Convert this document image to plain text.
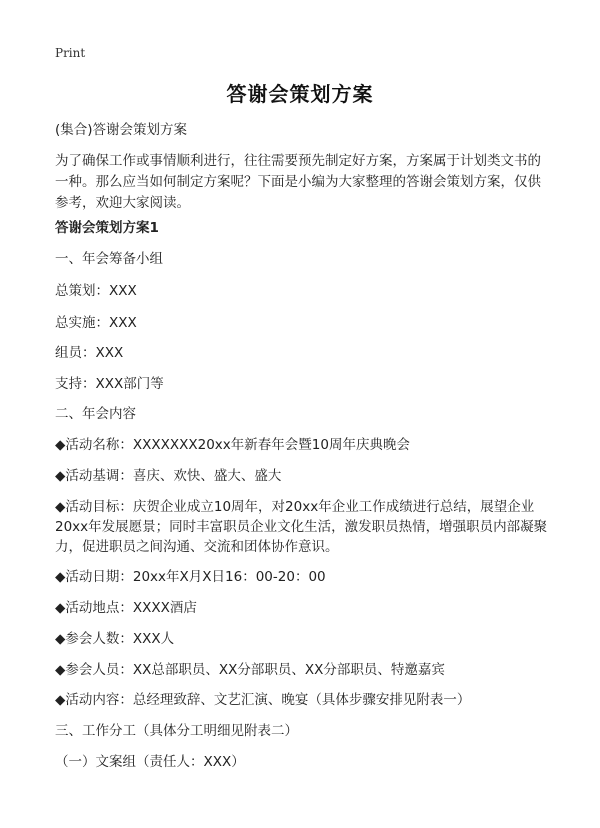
Print
答谢会策划方案
(集合)答谢会策划方案
为了确保工作或事情顺利进行，往往需要预先制定好方案，方案属于计划类文书的
一种。那么应当如何制定方案呢？下面是小编为大家整理的答谢会策划方案，仅供
参考，欢迎大家阅读。
答谢会策划方案1
一、年会筹备小组
总策划：XXX
总实施：XXX
组员：XXX
支持：XXX部门等
二、年会内容
◆活动名称：XXXXXXX20xx年新春年会暨10周年庆典晚会
◆活动基调：喜庆、欢快、盛大、盛大
◆活动目标：庆贺企业成立10周年，对20xx年企业工作成绩进行总结，展望企业
20xx年发展愿景；同时丰富职员企业文化生活，激发职员热情，增强职员内部凝聚
力，促进职员之间沟通、交流和团体协作意识。
◆活动日期：20xx年X月X日16：00-20：00
◆活动地点：XXXX酒店
◆参会人数：XXX人
◆参会人员：XX总部职员、XX分部职员、XX分部职员、特邀嘉宾
◆活动内容：总经理致辞、文艺汇演、晚宴（具体步骤安排见附表一）
三、工作分工（具体分工明细见附表二）
（一）文案组（责任人：XXX）
